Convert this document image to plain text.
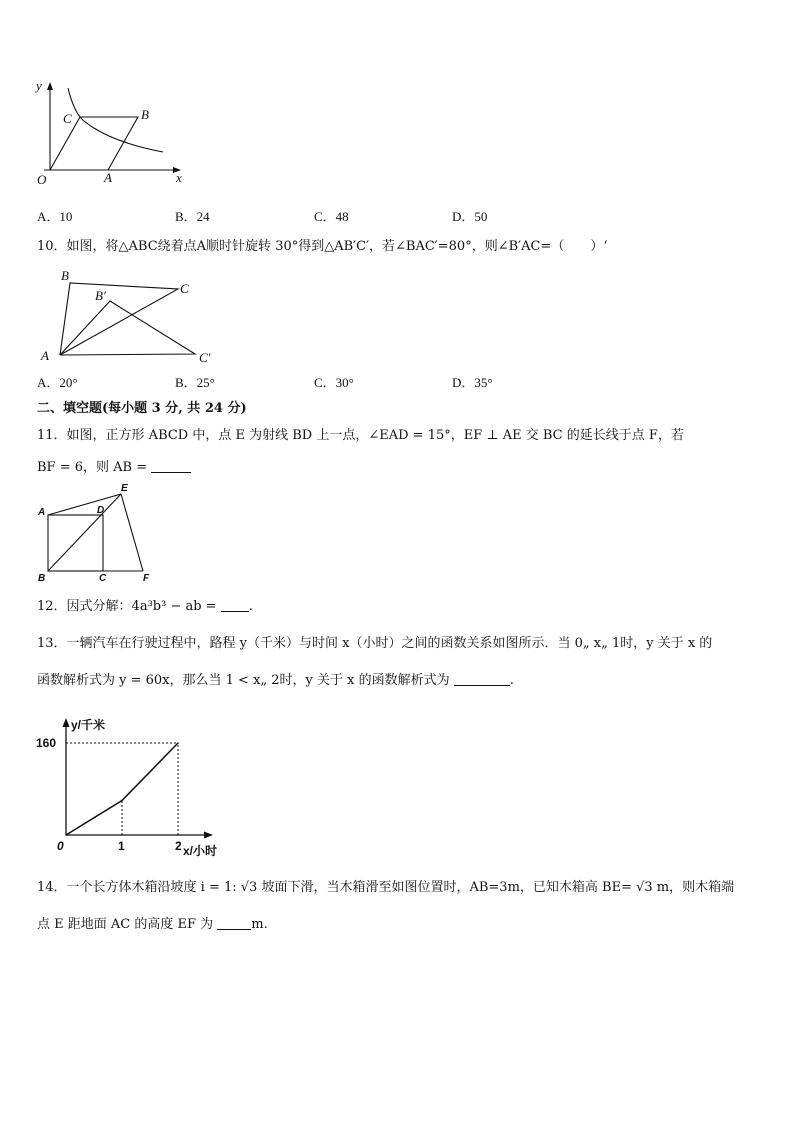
y
x
O	A
B
C
A．10	B．24	C．48	D．50
10．如图，将△ABC绕着点A顺时针旋转 30°得到△AB′C′，若∠BAC′=80°，则∠B′AC=（　　）‘
A
B
C
B′
C′
A．20°	B．25°	C．30°	D．35°
二、填空题(每小题 3 分, 共 24 分)
11．如图，正方形 ABCD 中，点 E 为射线 BD 上一点，∠EAD = 15°，EF ⊥ AE 交 BC 的延长线于点 F，若
BF = 6，则 AB =
A
B	C
D
E
F
12．因式分解：4a³b³ − ab = .
13．一辆汽车在行驶过程中，路程 y（千米）与时间 x（小时）之间的函数关系如图所示．当 0„ x„ 1时，y 关于 x 的
函数解析式为 y = 60x，那么当 1 < x„ 2时，y 关于 x 的函数解析式为	.
y/千米
x/小时
160
0	1	2
14．一个长方体木箱沿坡度 i = 1: √3 坡面下滑，当木箱滑至如图位置时，AB=3m，已知木箱高 BE= √3 m，则木箱端
点 E 距地面 AC 的高度 EF 为	m.
